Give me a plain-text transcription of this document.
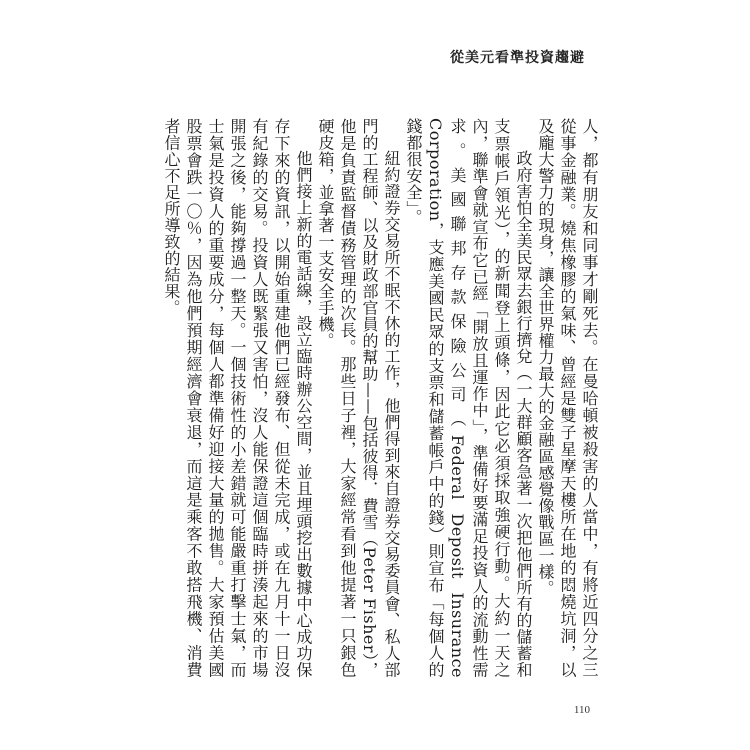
從美元看準投資趨避

人，都有朋友和同事才剛死去。在曼哈頓被殺害的人當中，有將近四分之三從事金融業。燒焦橡膠的氣味、曾經是雙子星摩天樓所在地的悶燒坑洞，以及龐大警力的現身，讓全世界權力最大的金融區感覺像戰區一樣。

政府害怕全美民眾去銀行擠兌（一大群顧客急著一次把他們所有的儲蓄和支票帳戶領光），的新聞登上頭條，因此它必須採取強硬行動。大約一天之內，聯準會就宣布它已經「開放且運作中」，準備好要滿足投資人的流動性需求。美國聯邦存款保險公司（Federal Deposit Insurance Corporation，支應美國民眾的支票和儲蓄帳戶中的錢）則宣布「每個人的錢都很安全」。

紐約證券交易所不眠不休的工作，他們得到來自證券交易委員會、私人部門的工程師、以及財政部官員的幫助——包括彼得．費雪（Peter Fisher），他是負責監督債務管理的次長。那些日子裡，大家經常看到他提著一只銀色硬皮箱，並拿著一支安全手機。

他們接上新的電話線，設立臨時辦公空間，並且埋頭挖出數據中心成功保存下來的資訊，以開始重建他們已經發布、但從未完成，或在九月十一日沒有紀錄的交易。投資人既緊張又害怕，沒人能保證這個臨時拼湊起來的市場開張之後，能夠撐過一整天。一個技術性的小差錯就可能嚴重打擊士氣，而士氣是投資人的重要成分，每個人都準備好迎接大量的拋售。大家預估美國股票會跌一〇％，因為他們預期經濟會衰退，而這是乘客不敢搭飛機、消費者信心不足所導致的結果。

110
